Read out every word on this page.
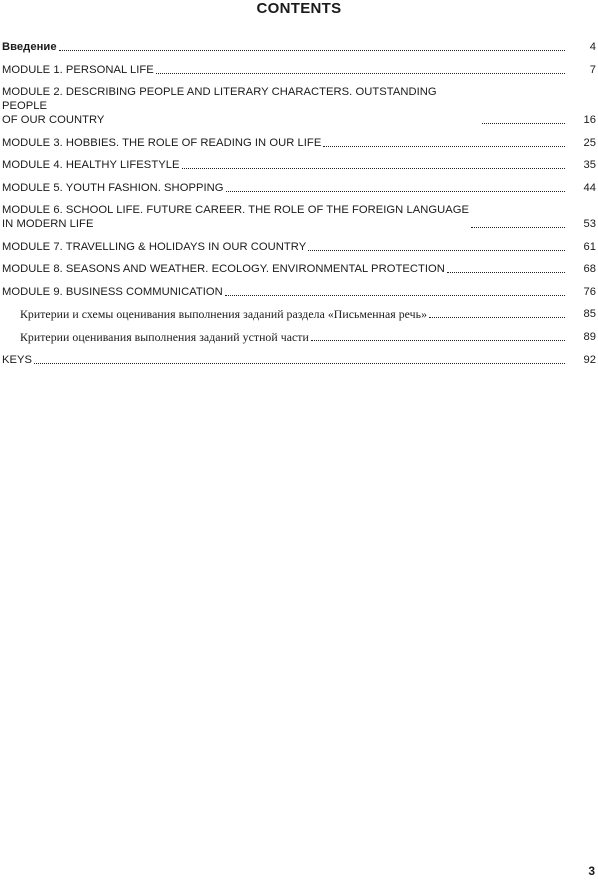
CONTENTS
Введение	4
MODULE 1. PERSONAL LIFE	7
MODULE 2. DESCRIBING PEOPLE AND LITERARY CHARACTERS. OUTSTANDING PEOPLE
OF OUR COUNTRY	16
MODULE 3. HOBBIES. THE ROLE OF READING IN OUR LIFE	25
MODULE 4. HEALTHY LIFESTYLE	35
MODULE 5. YOUTH FASHION. SHOPPING	44
MODULE 6. SCHOOL LIFE. FUTURE CAREER. THE ROLE OF THE FOREIGN LANGUAGE
IN MODERN LIFE	53
MODULE 7. TRAVELLING & HOLIDAYS IN OUR COUNTRY	61
MODULE 8. SEASONS AND WEATHER. ECOLOGY. ENVIRONMENTAL PROTECTION	68
MODULE 9. BUSINESS COMMUNICATION	76
Критерии и схемы оценивания выполнения заданий раздела «Письменная речь»	85
Критерии оценивания выполнения заданий устной части	89
KEYS	92
3
